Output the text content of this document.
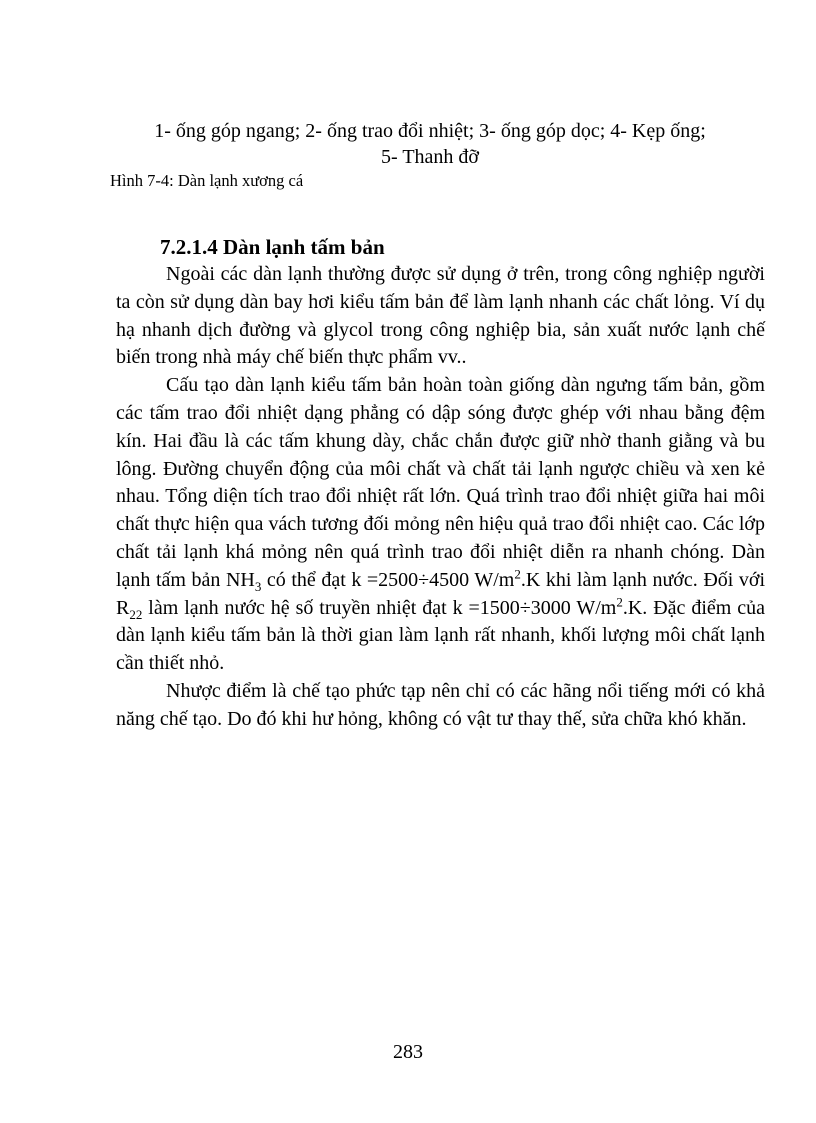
1- ống góp ngang; 2- ống trao đổi nhiệt; 3- ống góp dọc; 4- Kẹp ống;
5- Thanh đỡ
Hình 7-4: Dàn lạnh xương cá
7.2.1.4 Dàn lạnh tấm bản

Ngoài các dàn lạnh thường được sử dụng ở trên, trong công nghiệp người ta còn sử dụng dàn bay hơi kiểu tấm bản để làm lạnh nhanh các chất lỏng. Ví dụ hạ nhanh dịch đường và glycol trong công nghiệp bia, sản xuất nước lạnh chế biến trong nhà máy chế biến thực phẩm vv..

Cấu tạo dàn lạnh kiểu tấm bản hoàn toàn giống dàn ngưng tấm bản, gồm các tấm trao đổi nhiệt dạng phẳng có dập sóng được ghép với nhau bằng đệm kín. Hai đầu là các tấm khung dày, chắc chắn được giữ nhờ thanh giằng và bu lông. Đường chuyển động của môi chất và chất tải lạnh ngược chiều và xen kẻ nhau. Tổng diện tích trao đổi nhiệt rất lớn. Quá trình trao đổi nhiệt giữa hai môi chất thực hiện qua vách tương đối mỏng nên hiệu quả trao đổi nhiệt cao. Các lớp chất tải lạnh khá mỏng nên quá trình trao đổi nhiệt diễn ra nhanh chóng. Dàn lạnh tấm bản $NH_3$ có thể đạt k =2500÷4500 $W/m^2.K$ khi làm lạnh nước. Đối với $R_{22}$ làm lạnh nước hệ số truyền nhiệt đạt k =1500÷3000 $W/m^2.K$. Đặc điểm của dàn lạnh kiểu tấm bản là thời gian làm lạnh rất nhanh, khối lượng môi chất lạnh cần thiết nhỏ.

Nhược điểm là chế tạo phức tạp nên chỉ có các hãng nổi tiếng mới có khả năng chế tạo. Do đó khi hư hỏng, không có vật tư thay thế, sửa chữa khó khăn.

283
